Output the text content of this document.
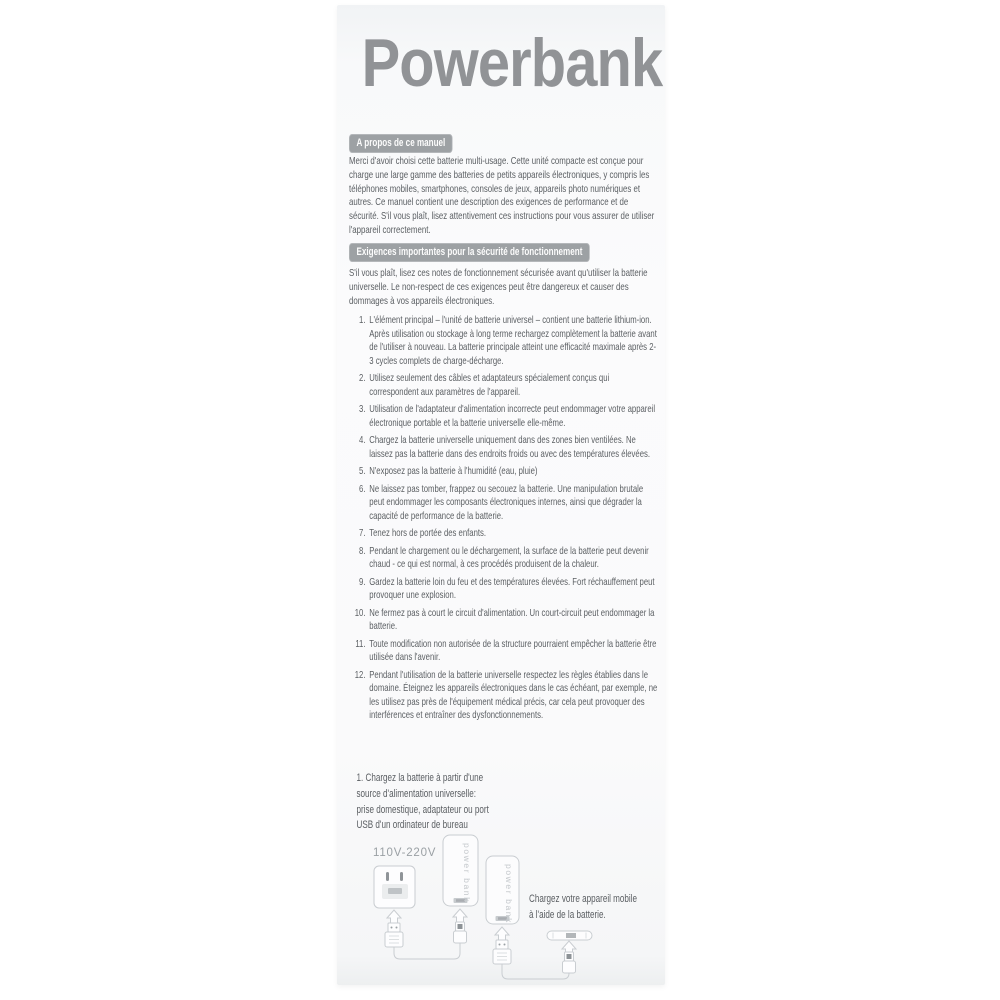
Powerbank
A propos de ce manuel
Merci d'avoir choisi cette batterie multi-usage. Cette unité compacte est conçue pour charge une large gamme des batteries de petits appareils électroniques, y compris les téléphones mobiles, smartphones, consoles de jeux, appareils photo numériques et autres. Ce manuel contient une description des exigences de performance et de sécurité. S'il vous plaît, lisez attentivement ces instructions pour vous assurer de utiliser l'appareil correctement.
Exigences importantes pour la sécurité de fonctionnement
S'il vous plaît, lisez ces notes de fonctionnement sécurisée avant qu'utiliser la batterie universelle. Le non-respect de ces exigences peut être dangereux et causer des dommages à vos appareils électroniques.
1. L'élément principal – l'unité de batterie universel – contient une batterie lithium-ion. Après utilisation ou stockage à long terme rechargez complètement la batterie avant de l'utiliser à nouveau. La batterie principale atteint une efficacité maximale après 2-3 cycles complets de charge-décharge.
2. Utilisez seulement des câbles et adaptateurs spécialement conçus qui correspondent aux paramètres de l'appareil.
3. Utilisation de l'adaptateur d'alimentation incorrecte peut endommager votre appareil électronique portable et la batterie universelle elle-même.
4. Chargez la batterie universelle uniquement dans des zones bien ventilées. Ne laissez pas la batterie dans des endroits froids ou avec des températures élevées.
5. N'exposez pas la batterie à l'humidité (eau, pluie)
6. Ne laissez pas tomber, frappez ou secouez la batterie. Une manipulation brutale peut endommager les composants électroniques internes, ainsi que dégrader la capacité de performance de la batterie.
7. Tenez hors de portée des enfants.
8. Pendant le chargement ou le déchargement, la surface de la batterie peut devenir chaud - ce qui est normal, à ces procédés produisent de la chaleur.
9. Gardez la batterie loin du feu et des températures élevées. Fort réchauffement peut provoquer une explosion.
10. Ne fermez pas à court le circuit d'alimentation. Un court-circuit peut endommager la batterie.
11. Toute modification non autorisée de la structure pourraient empêcher la batterie être utilisée dans l'avenir.
12. Pendant l'utilisation de la batterie universelle respectez les règles établies dans le domaine. Éteignez les appareils électroniques dans le cas échéant, par exemple, ne les utilisez pas près de l'équipement médical précis, car cela peut provoquer des interférences et entraîner des dysfonctionnements.
1. Chargez la batterie à partir d'une
source d'alimentation universelle:
prise domestique, adaptateur ou port
USB d'un ordinateur de bureau
Chargez votre appareil mobile
à l'aide de la batterie.
110V-220V	power bank	power bank
